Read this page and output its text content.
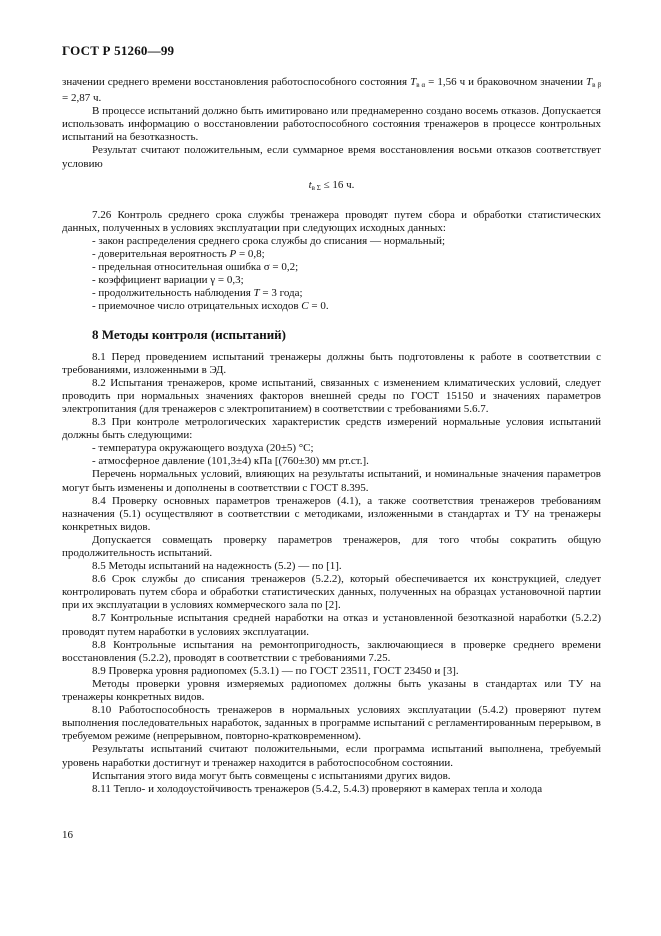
ГОСТ Р 51260—99

значении среднего времени восстановления работоспособного состояния $T_{в \alpha} = 1,56$ ч и браковочном значении $T_{в \beta} = 2,87$ ч.

В процессе испытаний должно быть имитировано или преднамеренно создано восемь отказов. Допускается использовать информацию о восстановлении работоспособного состояния тренажеров в процессе контрольных испытаний на безотказность.

Результат считают положительным, если суммарное время восстановления восьми отказов соответствует условию

$t_{в \Sigma} \le 16$ ч.

7.26 Контроль среднего срока службы тренажера проводят путем сбора и обработки статистических данных, полученных в условиях эксплуатации при следующих исходных данных:

- закон распределения среднего срока службы до списания — нормальный;

- доверительная вероятность P = 0,8;

- предельная относительная ошибка σ = 0,2;

- коэффициент вариации γ = 0,3;

- продолжительность наблюдения T = 3 года;

- приемочное число отрицательных исходов C = 0.

8 Методы контроля (испытаний)

8.1 Перед проведением испытаний тренажеры должны быть подготовлены к работе в соответствии с требованиями, изложенными в ЭД.

8.2 Испытания тренажеров, кроме испытаний, связанных с изменением климатических условий, следует проводить при нормальных значениях факторов внешней среды по ГОСТ 15150 и значениях параметров электропитания (для тренажеров с электропитанием) в соответствии с требованиями 5.6.7.

8.3 При контроле метрологических характеристик средств измерений нормальные условия испытаний должны быть следующими:

- температура окружающего воздуха (20±5) °С;

- атмосферное давление (101,3±4) кПа [(760±30) мм рт.ст.].

Перечень нормальных условий, влияющих на результаты испытаний, и номинальные значения параметров могут быть изменены и дополнены в соответствии с ГОСТ 8.395.

8.4 Проверку основных параметров тренажеров (4.1), а также соответствия тренажеров требованиям назначения (5.1) осуществляют в соответствии с методиками, изложенными в стандартах и ТУ на тренажеры конкретных видов.

Допускается совмещать проверку параметров тренажеров, для того чтобы сократить общую продолжительность испытаний.

8.5 Методы испытаний на надежность (5.2) — по [1].

8.6 Срок службы до списания тренажеров (5.2.2), который обеспечивается их конструкцией, следует контролировать путем сбора и обработки статистических данных, полученных на образцах установочной партии при их эксплуатации в условиях коммерческого зала по [2].

8.7 Контрольные испытания средней наработки на отказ и установленной безотказной наработки (5.2.2) проводят путем наработки в условиях эксплуатации.

8.8 Контрольные испытания на ремонтопригодность, заключающиеся в проверке среднего времени восстановления (5.2.2), проводят в соответствии с требованиями 7.25.

8.9 Проверка уровня радиопомех (5.3.1) — по ГОСТ 23511, ГОСТ 23450 и [3].

Методы проверки уровня измеряемых радиопомех должны быть указаны в стандартах или ТУ на тренажеры конкретных видов.

8.10 Работоспособность тренажеров в нормальных условиях эксплуатации (5.4.2) проверяют путем выполнения последовательных наработок, заданных в программе испытаний с регламентированным перерывом, в требуемом режиме (непрерывном, повторно-кратковременном).

Результаты испытаний считают положительными, если программа испытаний выполнена, требуемый уровень наработки достигнут и тренажер находится в работоспособном состоянии.

Испытания этого вида могут быть совмещены с испытаниями других видов.

8.11 Тепло- и холодоустойчивость тренажеров (5.4.2, 5.4.3) проверяют в камерах тепла и холода

16
